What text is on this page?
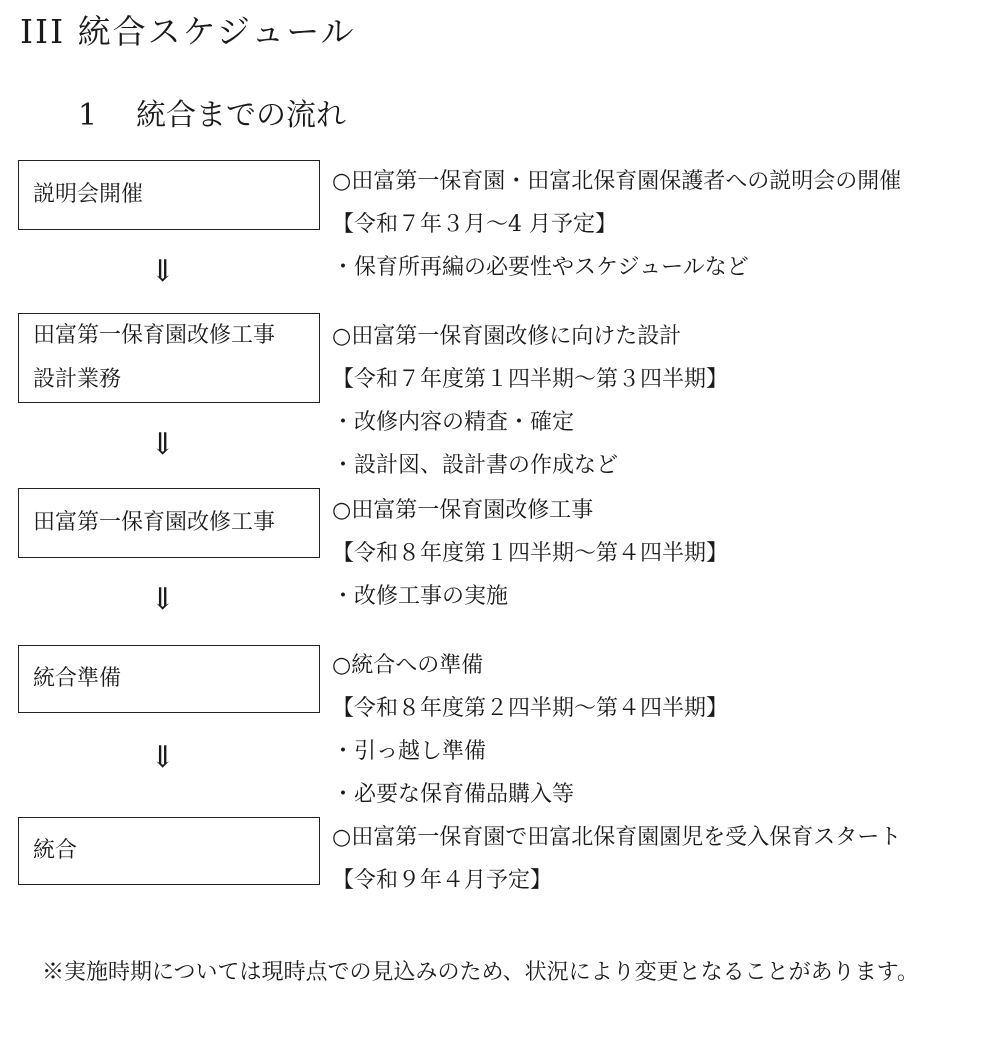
III 統合スケジュール
1 統合までの流れ
説明会開催
○田富第一保育園・田富北保育園保護者への説明会の開催
【令和７年３月～4 月予定】
・保育所再編の必要性やスケジュールなど
⇓
田富第一保育園改修工事
設計業務
○田富第一保育園改修に向けた設計
【令和７年度第１四半期～第３四半期】
・改修内容の精査・確定
・設計図、設計書の作成など
⇓
田富第一保育園改修工事	○田富第一保育園改修工事
【令和８年度第１四半期～第４四半期】
・改修工事の実施
⇓
統合準備
○統合への準備
【令和８年度第２四半期～第４四半期】
・引っ越し準備
・必要な保育備品購入等
⇓
統合
○田富第一保育園で田富北保育園園児を受入保育スタート
【令和９年４月予定】
※実施時期については現時点での見込みのため、状況により変更となることがあります。
